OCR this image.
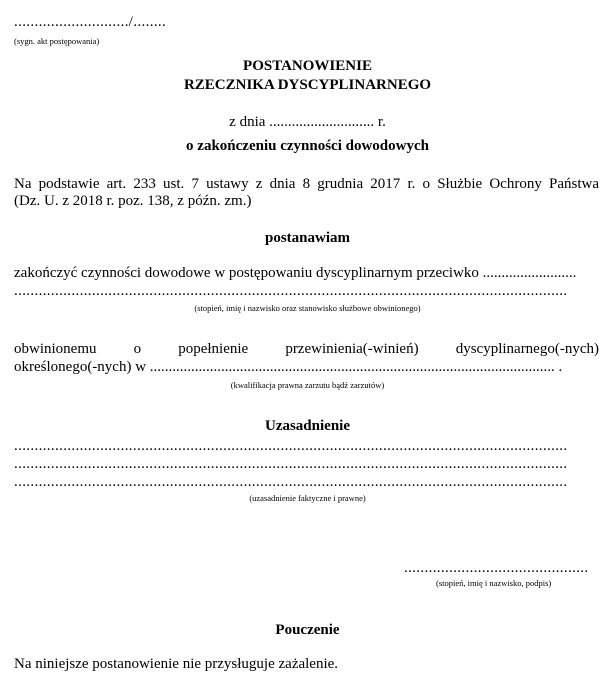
............................/........
(sygn. akt postępowania)
POSTANOWIENIE
RZECZNIKA DYSCYPLINARNEGO
z dnia ............................ r.
o zakończeniu czynności dowodowych
Na podstawie art. 233 ust. 7 ustawy z dnia 8 grudnia 2017 r. o Służbie Ochrony Państwa
(Dz. U. z 2018 r. poz. 138, z późn. zm.)
postanawiam
zakończyć czynności dowodowe w postępowaniu dyscyplinarnym przeciwko .........................
.......................................................................................................................................
(stopień, imię i nazwisko oraz stanowisko służbowe obwinionego)
obwinionemu o popełnienie przewinienia(-winień) dyscyplinarnego(-nych)
określonego(-nych) w ............................................................................................................ .
(kwalifikacja prawna zarzutu bądź zarzutów)
Uzasadnienie
.......................................................................................................................................
.......................................................................................................................................
.......................................................................................................................................
(uzasadnienie faktyczne i prawne)
.............................................
(stopień, imię i nazwisko, podpis)
Pouczenie
Na niniejsze postanowienie nie przysługuje zażalenie.
